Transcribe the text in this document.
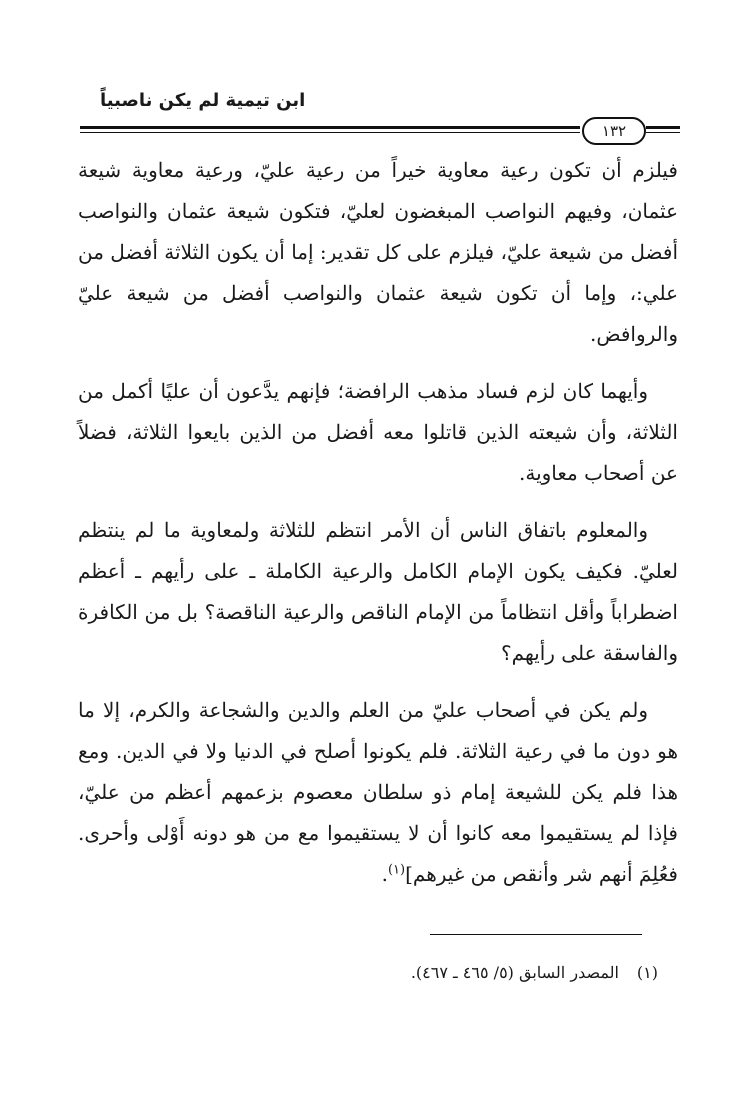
ابن تيمية لم يكن ناصبياً
١٣٢

فيلزم أن تكون رعية معاوية خيراً من رعية عليّ، ورعية معاوية شيعة عثمان، وفيهم النواصب المبغضون لعليّ، فتكون شيعة عثمان والنواصب أفضل من شيعة عليّ، فيلزم على كل تقدير: إما أن يكون الثلاثة أفضل من علي:، وإما أن تكون شيعة عثمان والنواصب أفضل من شيعة عليّ والروافض.

وأيهما كان لزم فساد مذهب الرافضة؛ فإنهم يدَّعون أن عليًا أكمل من الثلاثة، وأن شيعته الذين قاتلوا معه أفضل من الذين بايعوا الثلاثة، فضلاً عن أصحاب معاوية.

والمعلوم باتفاق الناس أن الأمر انتظم للثلاثة ولمعاوية ما لم ينتظم لعليّ. فكيف يكون الإمام الكامل والرعية الكاملة ـ على رأيهم ـ أعظم اضطراباً وأقل انتظاماً من الإمام الناقص والرعية الناقصة؟ بل من الكافرة والفاسقة على رأيهم؟

ولم يكن في أصحاب عليّ من العلم والدين والشجاعة والكرم، إلا ما هو دون ما في رعية الثلاثة. فلم يكونوا أصلح في الدنيا ولا في الدين. ومع هذا فلم يكن للشيعة إمام ذو سلطان معصوم بزعمهم أعظم من عليّ، فإذا لم يستقيموا معه كانوا أن لا يستقيموا مع من هو دونه أَوْلى وأحرى. فعُلِمَ أنهم شر وأنقص من غيرهم]$^{(١)}$.

(١)المصدر السابق (٥/ ٤٦٥ ـ ٤٦٧).
